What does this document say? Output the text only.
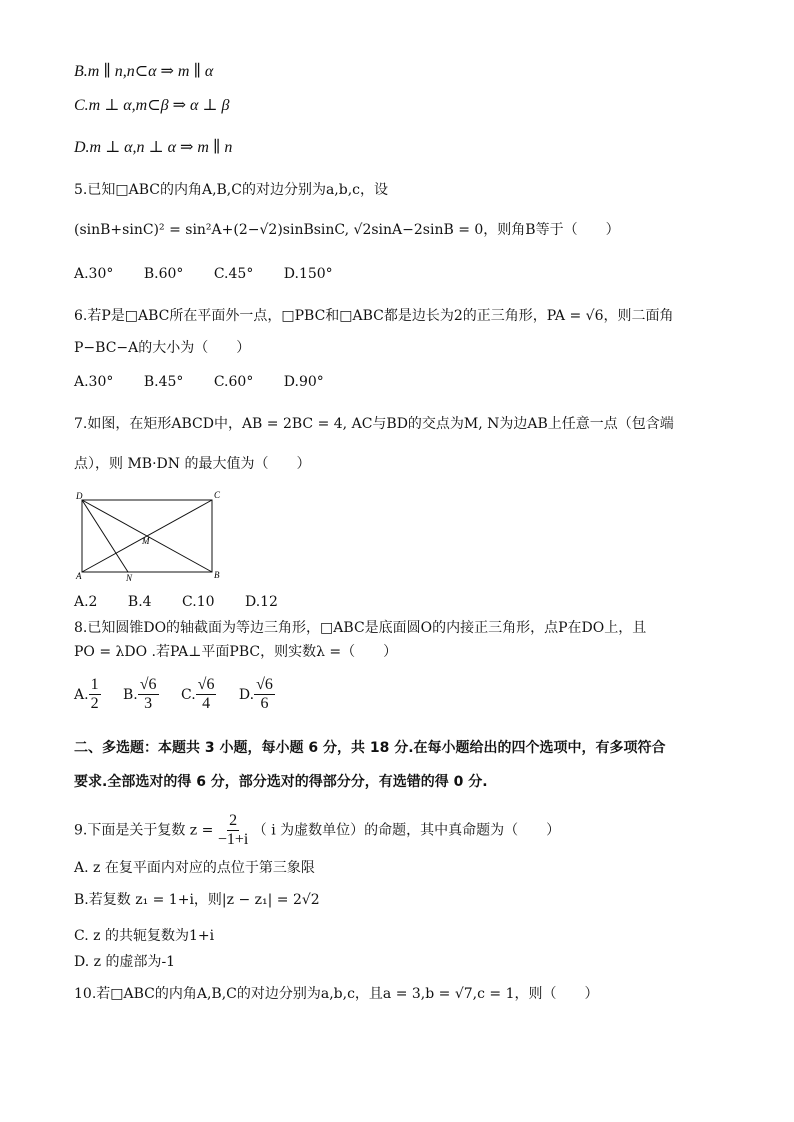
B.m ∥ n,n⊂α ⇒ m ∥ α
C.m ⊥ α,m⊂β ⇒ α ⊥ β
D.m ⊥ α,n ⊥ α ⇒ m ∥ n
5.已知□ABC的内角A,B,C的对边分别为a,b,c，设
(sinB+sinC)² = sin²A+(2−√2)sinBsinC, √2sinA−2sinB = 0，则角B等于（　　）
A.30° B.60° C.45° D.150°
6.若P是□ABC所在平面外一点，□PBC和□ABC都是边长为2的正三角形，PA = √6，则二面角
P−BC−A的大小为（　　）
A.30° B.45° C.60° D.90°
7.如图，在矩形ABCD中，AB = 2BC = 4, AC与BD的交点为M, N为边AB上任意一点（包含端
点），则 MB·DN 的最大值为（　　）
D	C
M
A	N	B
A.2 B.4 C.10 D.12
8.已知圆锥DO的轴截面为等边三角形，□ABC是底面圆O的内接正三角形，点P在DO上，且
PO = λDO .若PA⊥平面PBC，则实数λ =（　　）
A. $\frac{1}{2} B$. $\frac{√6}{3} C$. $\frac{√6}{4} D$. $\frac{√6}{6}$
二、多选题：本题共 3 小题，每小题 6 分，共 18 分.在每小题给出的四个选项中，有多项符合
要求.全部选对的得 6 分，部分选对的得部分分，有选错的得 0 分.
9.下面是关于复数 $z = \frac{2}{-1+i}$ （ i 为虚数单位）的命题，其中真命题为（　　）
A. z 在复平面内对应的点位于第三象限
B.若复数 z₁ = 1+i，则|z − z₁| = 2√2
C. z 的共轭复数为1+i
D. z 的虚部为-1
10.若□ABC的内角A,B,C的对边分别为a,b,c，且a = 3,b = √7,c = 1，则（　　）
